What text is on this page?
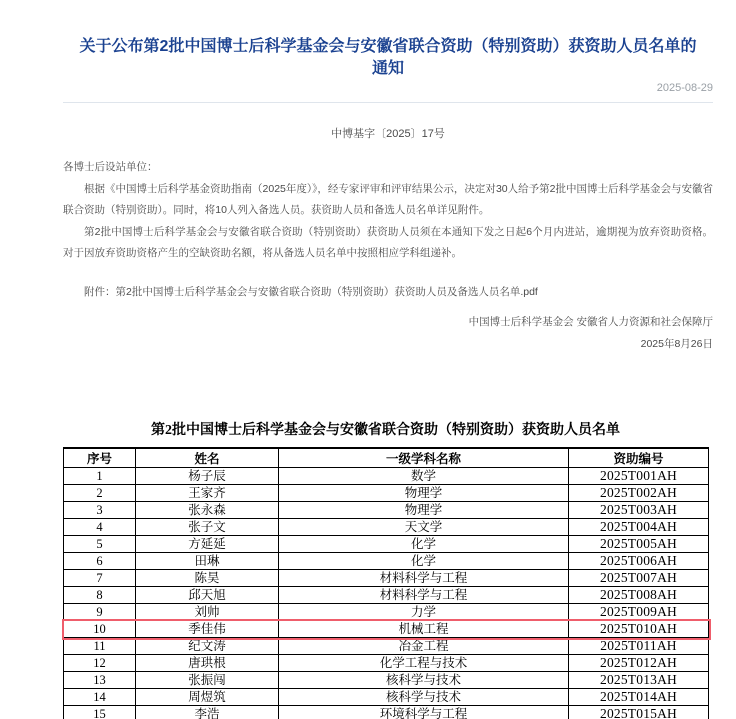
关于公布第2批中国博士后科学基金会与安徽省联合资助（特别资助）获资助人员名单的
通知
2025-08-29
中博基字〔2025〕17号

各博士后设站单位：

根据《中国博士后科学基金资助指南（2025年度）》，经专家评审和评审结果公示，决定对30人给予第2批中国博士后科学基金会与安徽省联合资助（特别资助）。同时，将10人列入备选人员。获资助人员和备选人员名单详见附件。

第2批中国博士后科学基金会与安徽省联合资助（特别资助）获资助人员须在本通知下发之日起6个月内进站，逾期视为放弃资助资格。对于因放弃资助资格产生的空缺资助名额，将从备选人员名单中按照相应学科组递补。

附件：第2批中国博士后科学基金会与安徽省联合资助（特别资助）获资助人员及备选人员名单.pdf
中国博士后科学基金会 安徽省人力资源和社会保障厅
2025年8月26日
第2批中国博士后科学基金会与安徽省联合资助（特别资助）获资助人员名单
序号	姓名	一级学科名称	资助编号
1	杨子辰	数学	2025T001AH
2	王家齐	物理学	2025T002AH
3	张永森	物理学	2025T003AH
4	张子文	天文学	2025T004AH
5	方延延	化学	2025T005AH
6	田琳	化学	2025T006AH
7	陈昊	材料科学与工程	2025T007AH
8	邱天旭	材料科学与工程	2025T008AH
9	刘帅	力学	2025T009AH
10	季佳伟	机械工程	2025T010AH
11	纪文涛	冶金工程	2025T011AH
12	唐珙根	化学工程与技术	2025T012AH
13	张振闯	核科学与技术	2025T013AH
14	周煜筑	核科学与技术	2025T014AH
15	李浩	环境科学与工程	2025T015AH
